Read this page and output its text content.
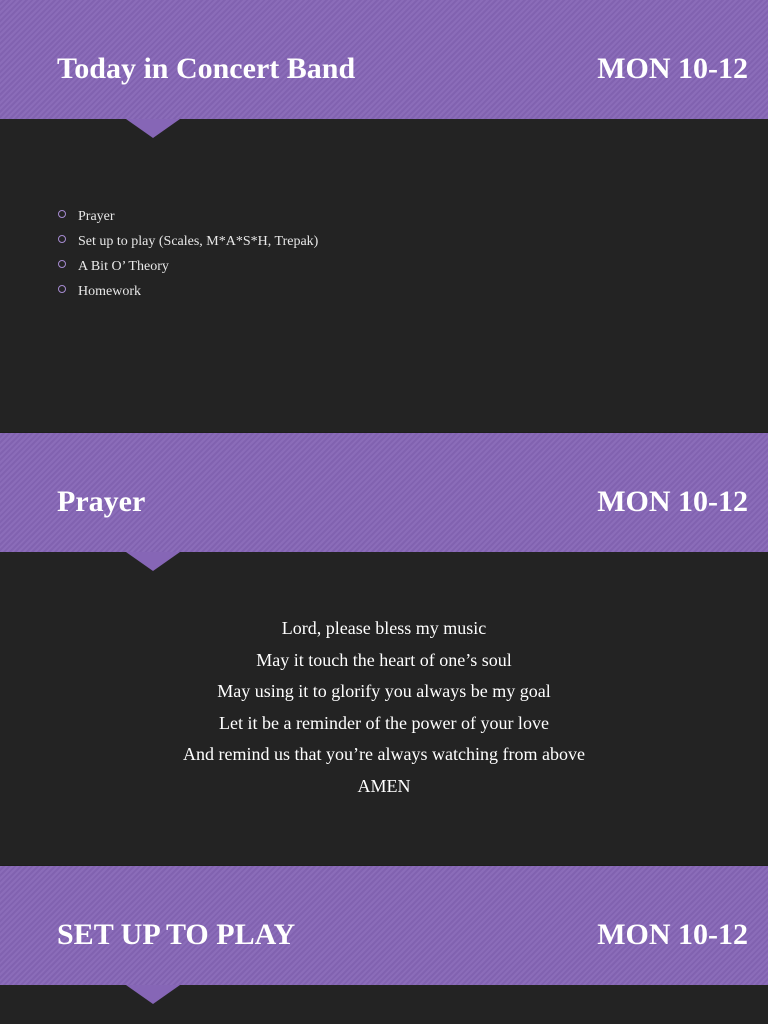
Today in Concert Band	MON 10-12
Prayer
Set up to play (Scales, M*A*S*H, Trepak)
A Bit O’ Theory
Homework
Prayer	MON 10-12
Lord, please bless my music
May it touch the heart of one’s soul
May using it to glorify you always be my goal
Let it be a reminder of the power of your love
And remind us that you’re always watching from above
AMEN
SET UP TO PLAY	MON 10-12
